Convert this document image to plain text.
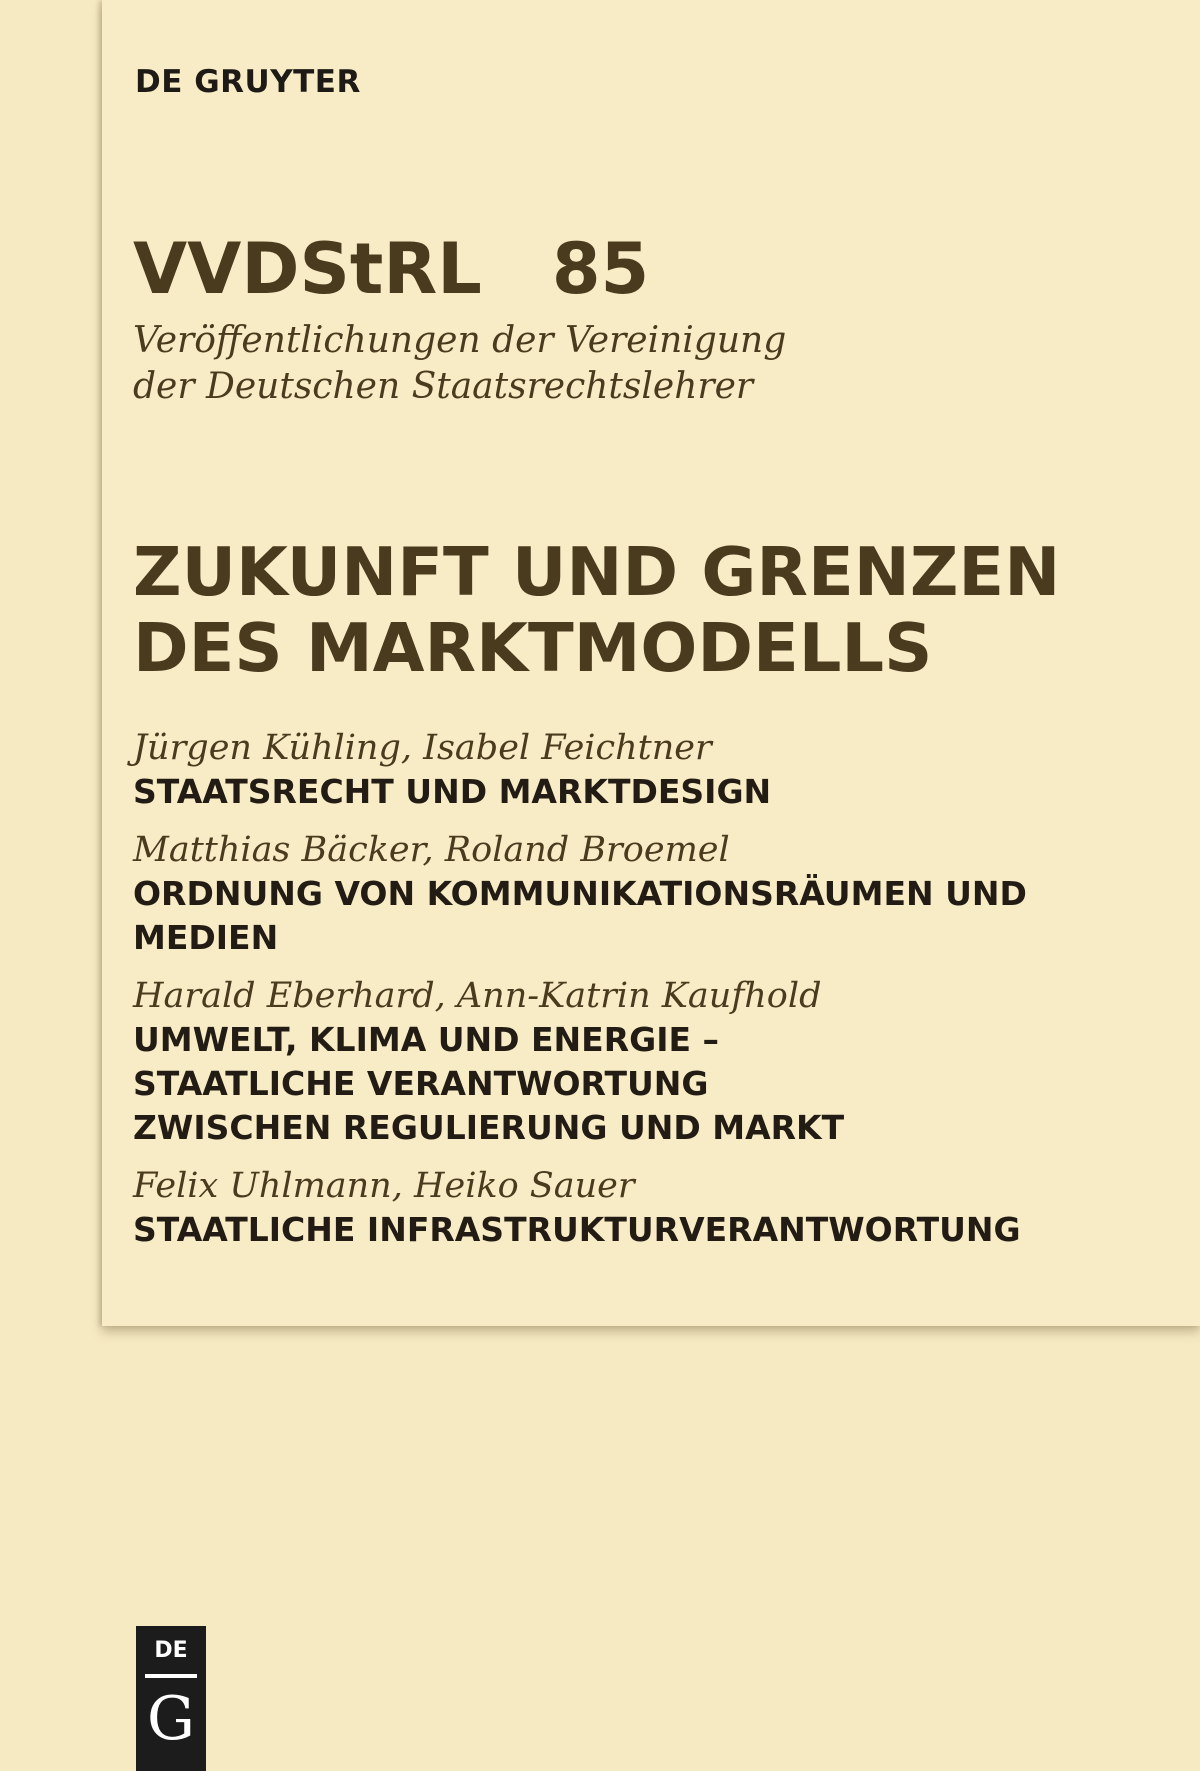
DE GRUYTER
VVDStRL 85
Veröffentlichungen der Vereinigung
der Deutschen Staatsrechtslehrer
ZUKUNFT UND GRENZEN
DES MARKTMODELLS
Jürgen Kühling, Isabel Feichtner
STAATSRECHT UND MARKTDESIGN
Matthias Bäcker, Roland Broemel
ORDNUNG VON KOMMUNIKATIONSRÄUMEN UND
MEDIEN
Harald Eberhard, Ann-Katrin Kaufhold
UMWELT, KLIMA UND ENERGIE –
STAATLICHE VERANTWORTUNG
ZWISCHEN REGULIERUNG UND MARKT
Felix Uhlmann, Heiko Sauer
STAATLICHE INFRASTRUKTURVERANTWORTUNG
DE
G
